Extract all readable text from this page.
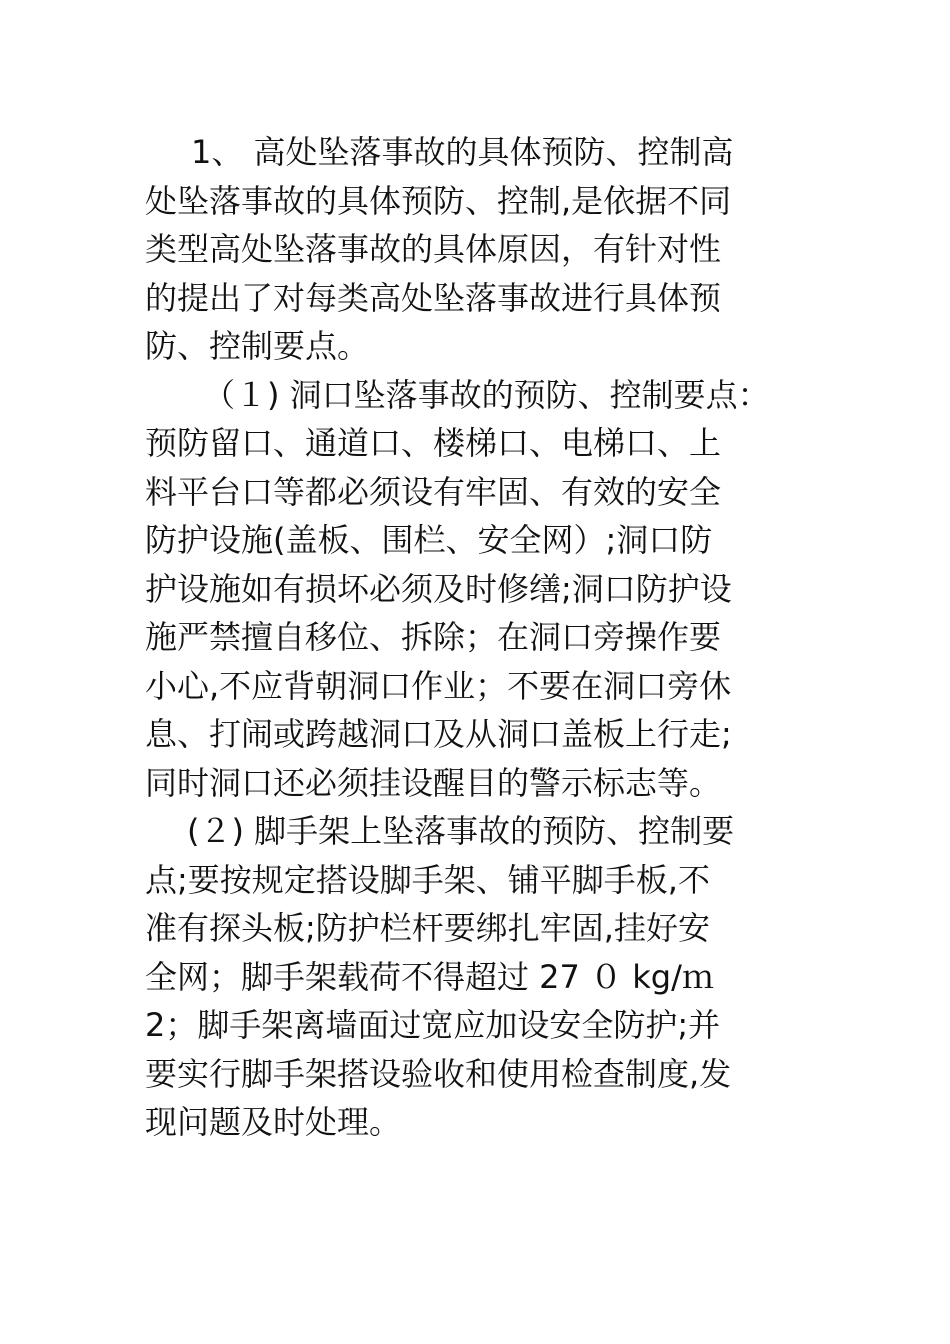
1、 高处坠落事故的具体预防、控制高
处坠落事故的具体预防、控制,是依据不同
类型高处坠落事故的具体原因，有针对性
的提出了对每类高处坠落事故进行具体预
防、控制要点。
（１) 洞口坠落事故的预防、控制要点：
预防留口、通道口、楼梯口、电梯口、上
料平台口等都必须设有牢固、有效的安全
防护设施(盖板、围栏、安全网）;洞口防
护设施如有损坏必须及时修缮;洞口防护设
施严禁擅自移位、拆除；在洞口旁操作要
小心,不应背朝洞口作业；不要在洞口旁休
息、打闹或跨越洞口及从洞口盖板上行走;
同时洞口还必须挂设醒目的警示标志等。
(２) 脚手架上坠落事故的预防、控制要
点;要按规定搭设脚手架、铺平脚手板,不
准有探头板;防护栏杆要绑扎牢固,挂好安
全网；脚手架载荷不得超过 27 ０ kg/ｍ
2；脚手架离墙面过宽应加设安全防护;并
要实行脚手架搭设验收和使用检查制度,发
现问题及时处理。
